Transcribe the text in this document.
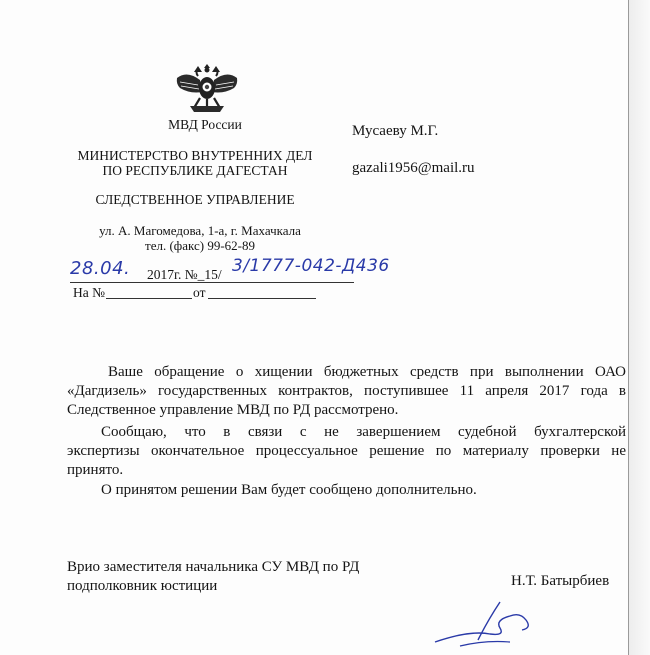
МВД России
МИНИСТЕРСТВО ВНУТРЕННИХ ДЕЛ
ПО РЕСПУБЛИКЕ ДАГЕСТАН
СЛЕДСТВЕННОЕ УПРАВЛЕНИЕ
ул. А. Магомедова, 1-а, г. Махачкала
тел. (факс) 99-62-89
28.04. 2017г. №_15/ 3/1777-042-Д436
На №	от
Мусаеву М.Г.
gazali1956@mail.ru
Ваше обращение о хищении бюджетных средств при выполнении ОАО
«Дагдизель» государственных контрактов, поступившее 11 апреля 2017 года в
Следственное управление МВД по РД рассмотрено.
Сообщаю, что в связи с не завершением судебной бухгалтерской
экспертизы окончательное процессуальное решение по материалу проверки не
принято.
О принятом решении Вам будет сообщено дополнительно.
Врио заместителя начальника СУ МВД по РД
подполковник юстиции	Н.Т. Батырбиев
